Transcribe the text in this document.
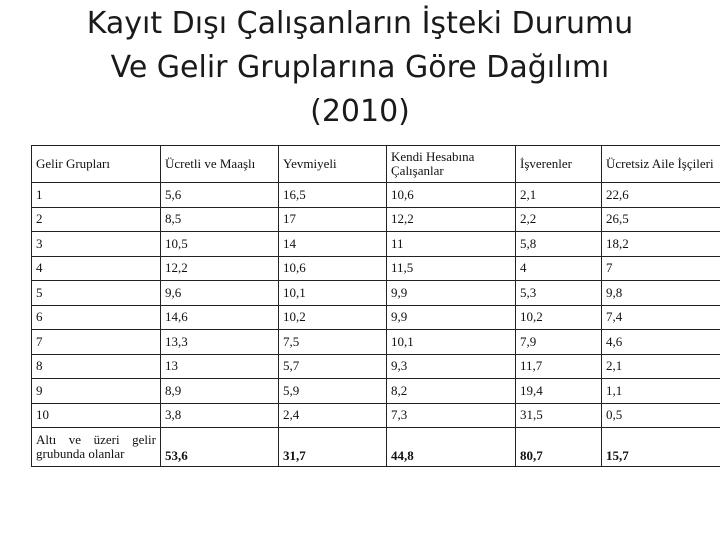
Kayıt Dışı Çalışanların İşteki Durumu
Ve Gelir Gruplarına Göre Dağılımı
(2010)
Gelir Grupları	Ücretli ve Maaşlı	Yevmiyeli	Kendi Hesabına Çalışanlar	İşverenler	Ücretsiz Aile İşçileri
1	5,6	16,5	10,6	2,1	22,6
2	8,5	17	12,2	2,2	26,5
3	10,5	14	11	5,8	18,2
4	12,2	10,6	11,5	4	7
5	9,6	10,1	9,9	5,3	9,8
6	14,6	10,2	9,9	10,2	7,4
7	13,3	7,5	10,1	7,9	4,6
8	13	5,7	9,3	11,7	2,1
9	8,9	5,9	8,2	19,4	1,1
10	3,8	2,4	7,3	31,5	0,5

Altı ve üzeri gelir
grubunda olanlar	53,6	31,7	44,8	80,7	15,7
